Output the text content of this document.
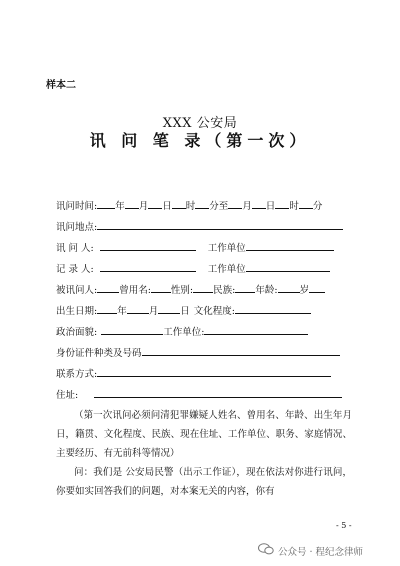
样本二
XXX 公安局
讯 问 笔 录（第一次）
讯问时间: 年 月 日 时 分至 月 日 时 分
讯问地点:
讯 问 人:	工作单位
记 录 人:	工作单位
被讯问人: 曾用名: 性别: 民族: 年龄: 岁
出生日期: 年 月 日 文化程度:
政治面貌:	工作单位:
身份证件种类及号码
联系方式:
住址:
（第一次讯问必须问清犯罪嫌疑人姓名、曾用名、年龄、出生年月日，籍贯、文化程度、民族、现在住址、工作单位、职务、家庭情况、主要经历、有无前科等情况）
问：我们是 公安局民警（出示工作证），现在依法对你进行讯问，你要如实回答我们的问题，对本案无关的内容，你有
- 5 -
公众号 · 程纪念律师
